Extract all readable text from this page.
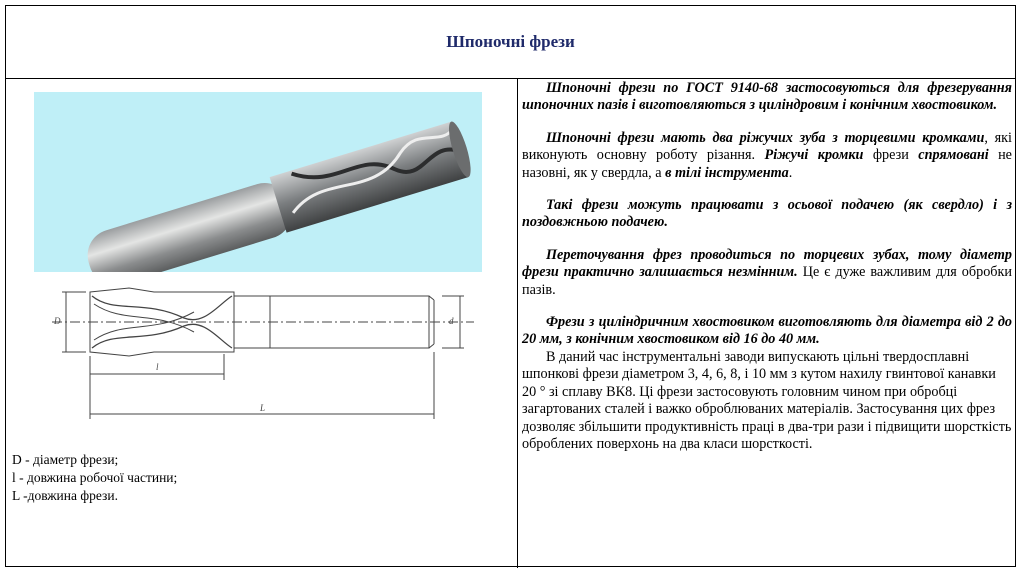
Шпоночні фрези
D	d
l
L
D - діаметр фрези;
l - довжина робочої частини;
L -довжина фрези.

Шпоночні фрези по ГОСТ 9140-68 застосовуються для фрезерування шпоночних пазів і виготовляються з циліндровим і конічним хвостовиком.

Шпоночні фрези мають два ріжучих зуба з торцевими кромками, які виконують основну роботу різання. Ріжучі кромки фрези спрямовані не назовні, як у свердла, а в тілі інструмента.

Такі фрези можуть працювати з осьової подачею (як свердло) і з поздовжньою подачею.

Переточування фрез проводиться по торцевих зубах, тому діаметр фрези практично залишається незмінним. Це є дуже важливим для обробки пазів.

Фрези з циліндричним хвостовиком виготовляють для діаметра від 2 до 20 мм, з конічним хвостовиком від 16 до 40 мм.

В даний час інструментальні заводи випускають цільні твердосплавні шпонкові фрези діаметром 3, 4, 6, 8, і 10 мм з кутом нахилу гвинтової канавки 20 ° зі сплаву ВК8. Ці фрези застосовують головним чином при обробці загартованих сталей і важко оброблюваних матеріалів. Застосування цих фрез дозволяє збільшити продуктивність праці в два-три рази і підвищити шорсткість оброблених поверхонь на два класи шорсткості.
